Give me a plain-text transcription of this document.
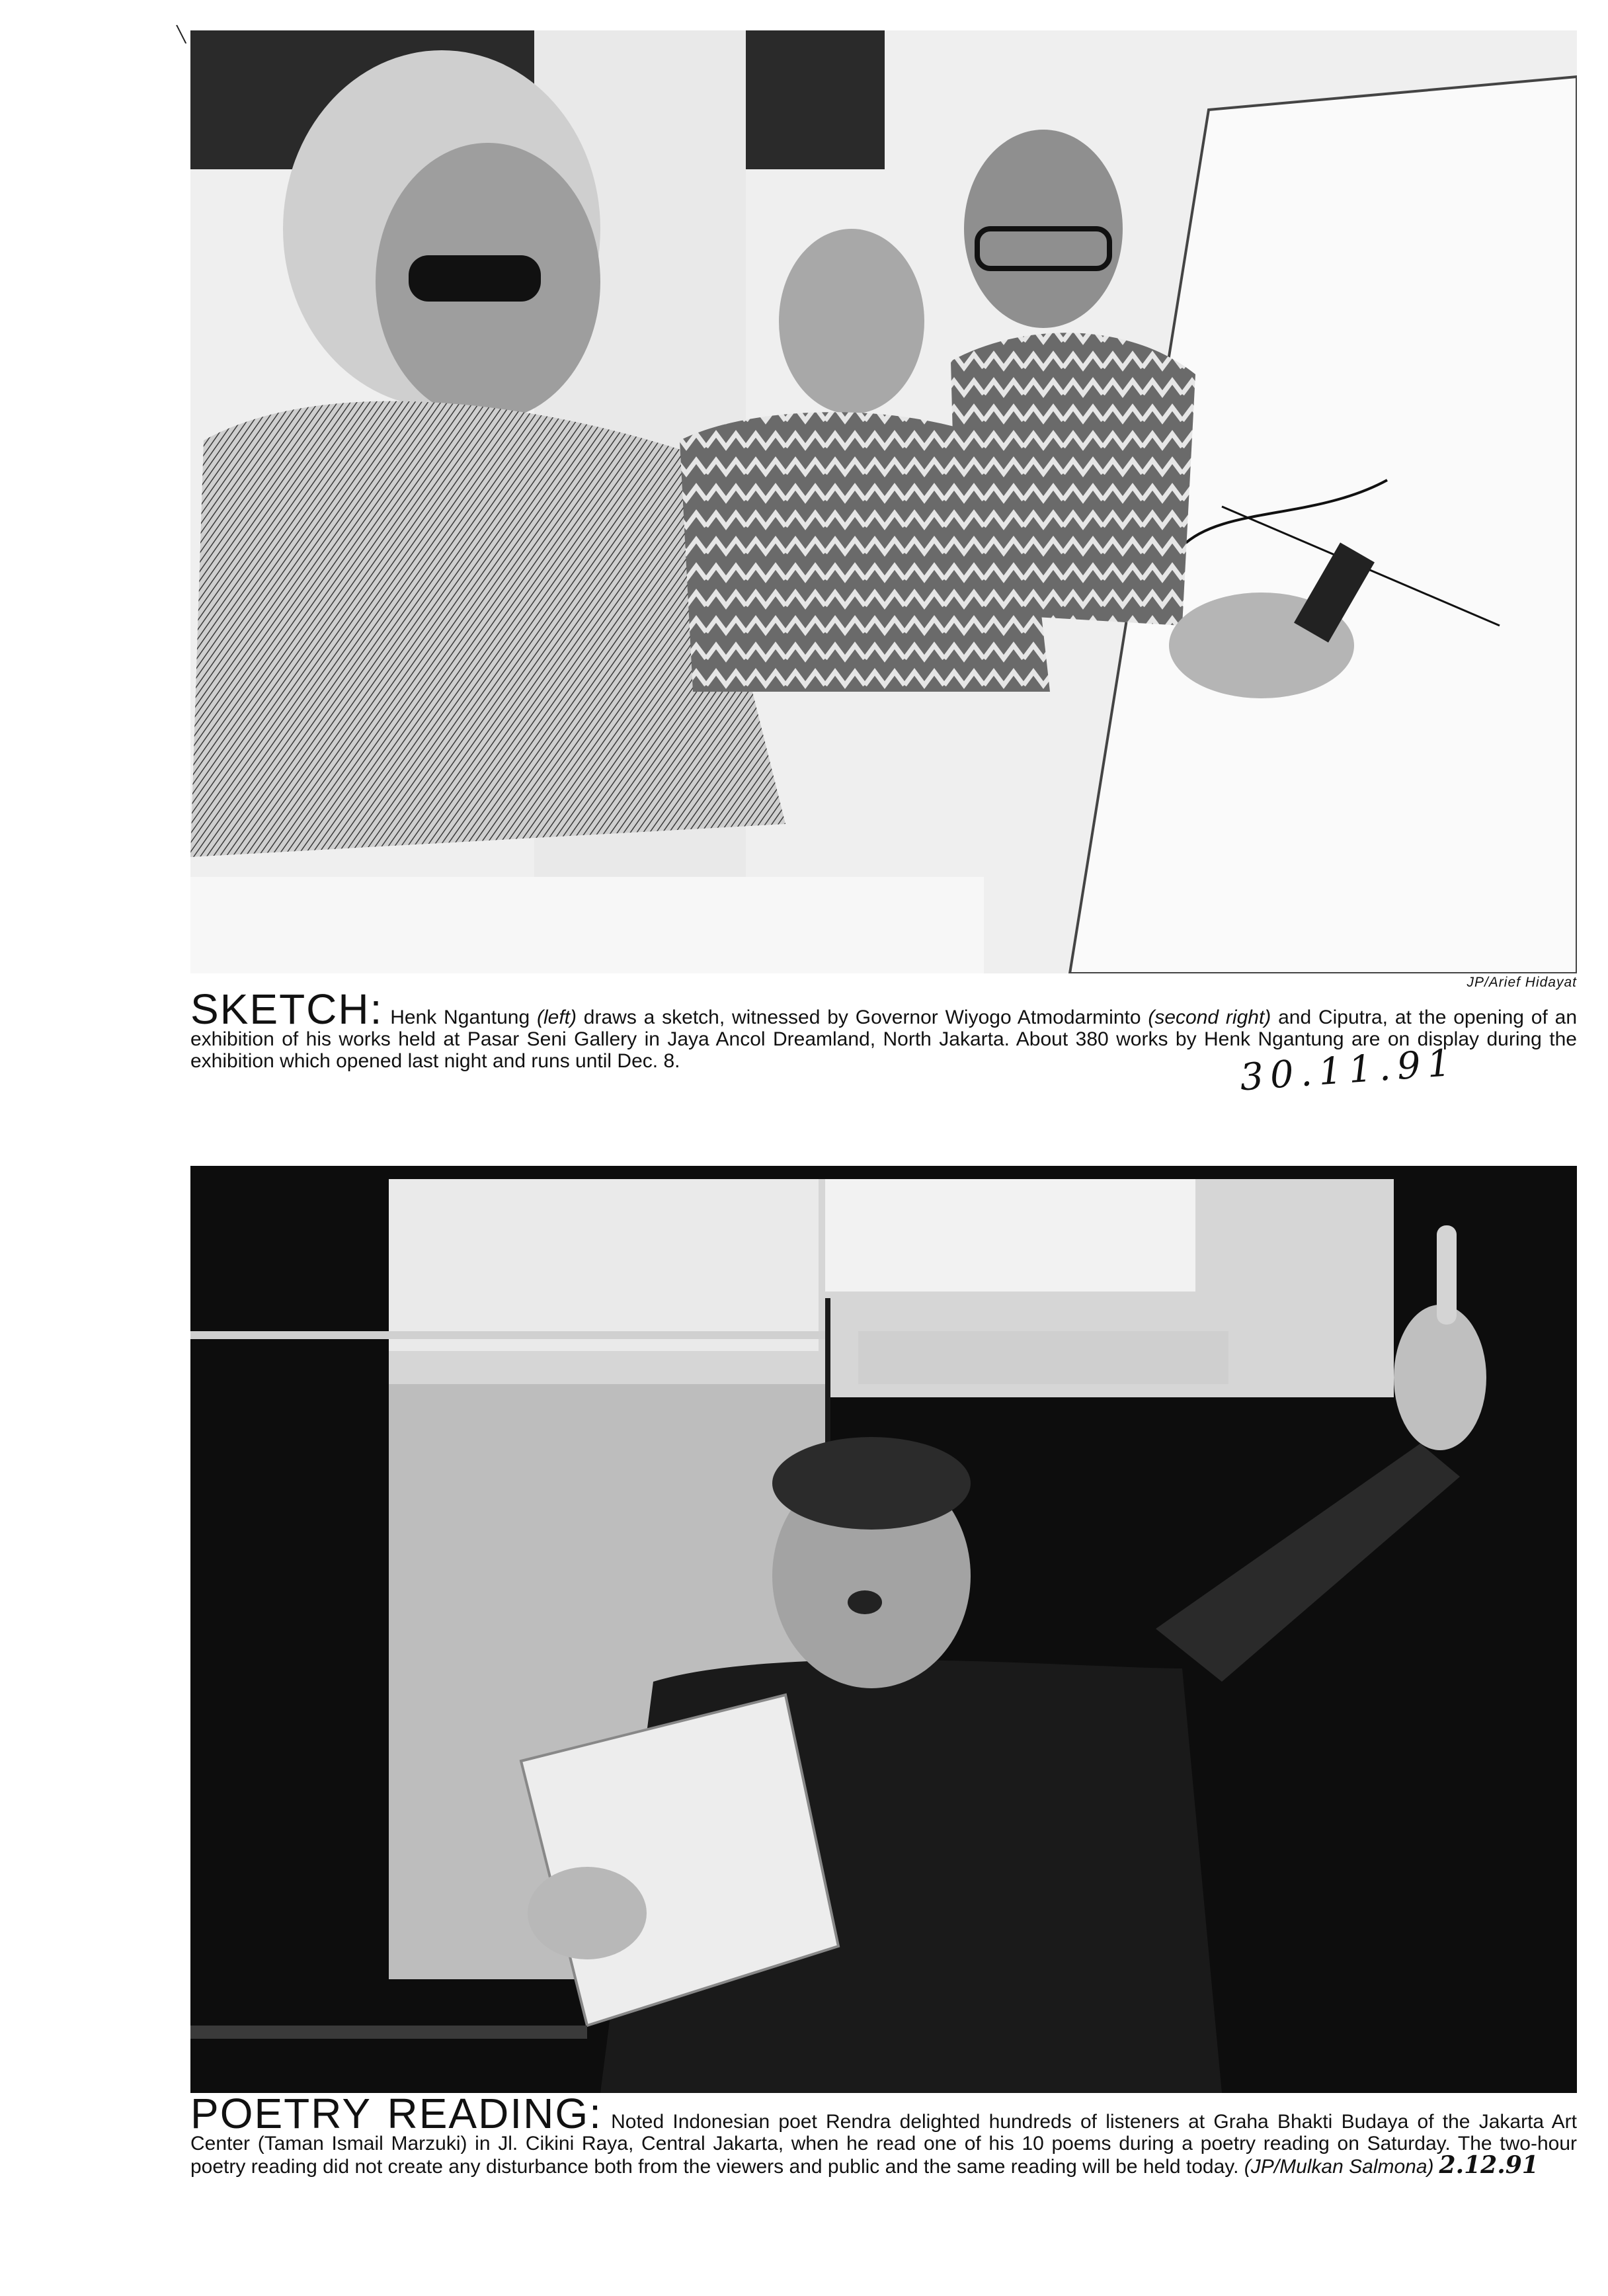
\
JP/Arief Hidayat
SKETCH: Henk Ngantung (left) draws a sketch, witnessed by Governor Wiyogo Atmodarminto (second right) and Ciputra, at the opening of an exhibition of his works held at Pasar Seni Gallery in Jaya Ancol Dreamland, North Jakarta. About 380 works by Henk Ngantung are on display during the exhibition which opened last night and runs until Dec. 8.	30.11.91
POETRY READING: Noted Indonesian poet Rendra delighted hundreds of listeners at Graha Bhakti Budaya of the Jakarta Art Center (Taman Ismail Marzuki) in Jl. Cikini Raya, Central Jakarta, when he read one of his 10 poems during a poetry reading on Saturday. The two-hour poetry reading did not create any disturbance both from the viewers and public and the same reading will be held today. (JP/Mulkan Salmona) 2.12.91
